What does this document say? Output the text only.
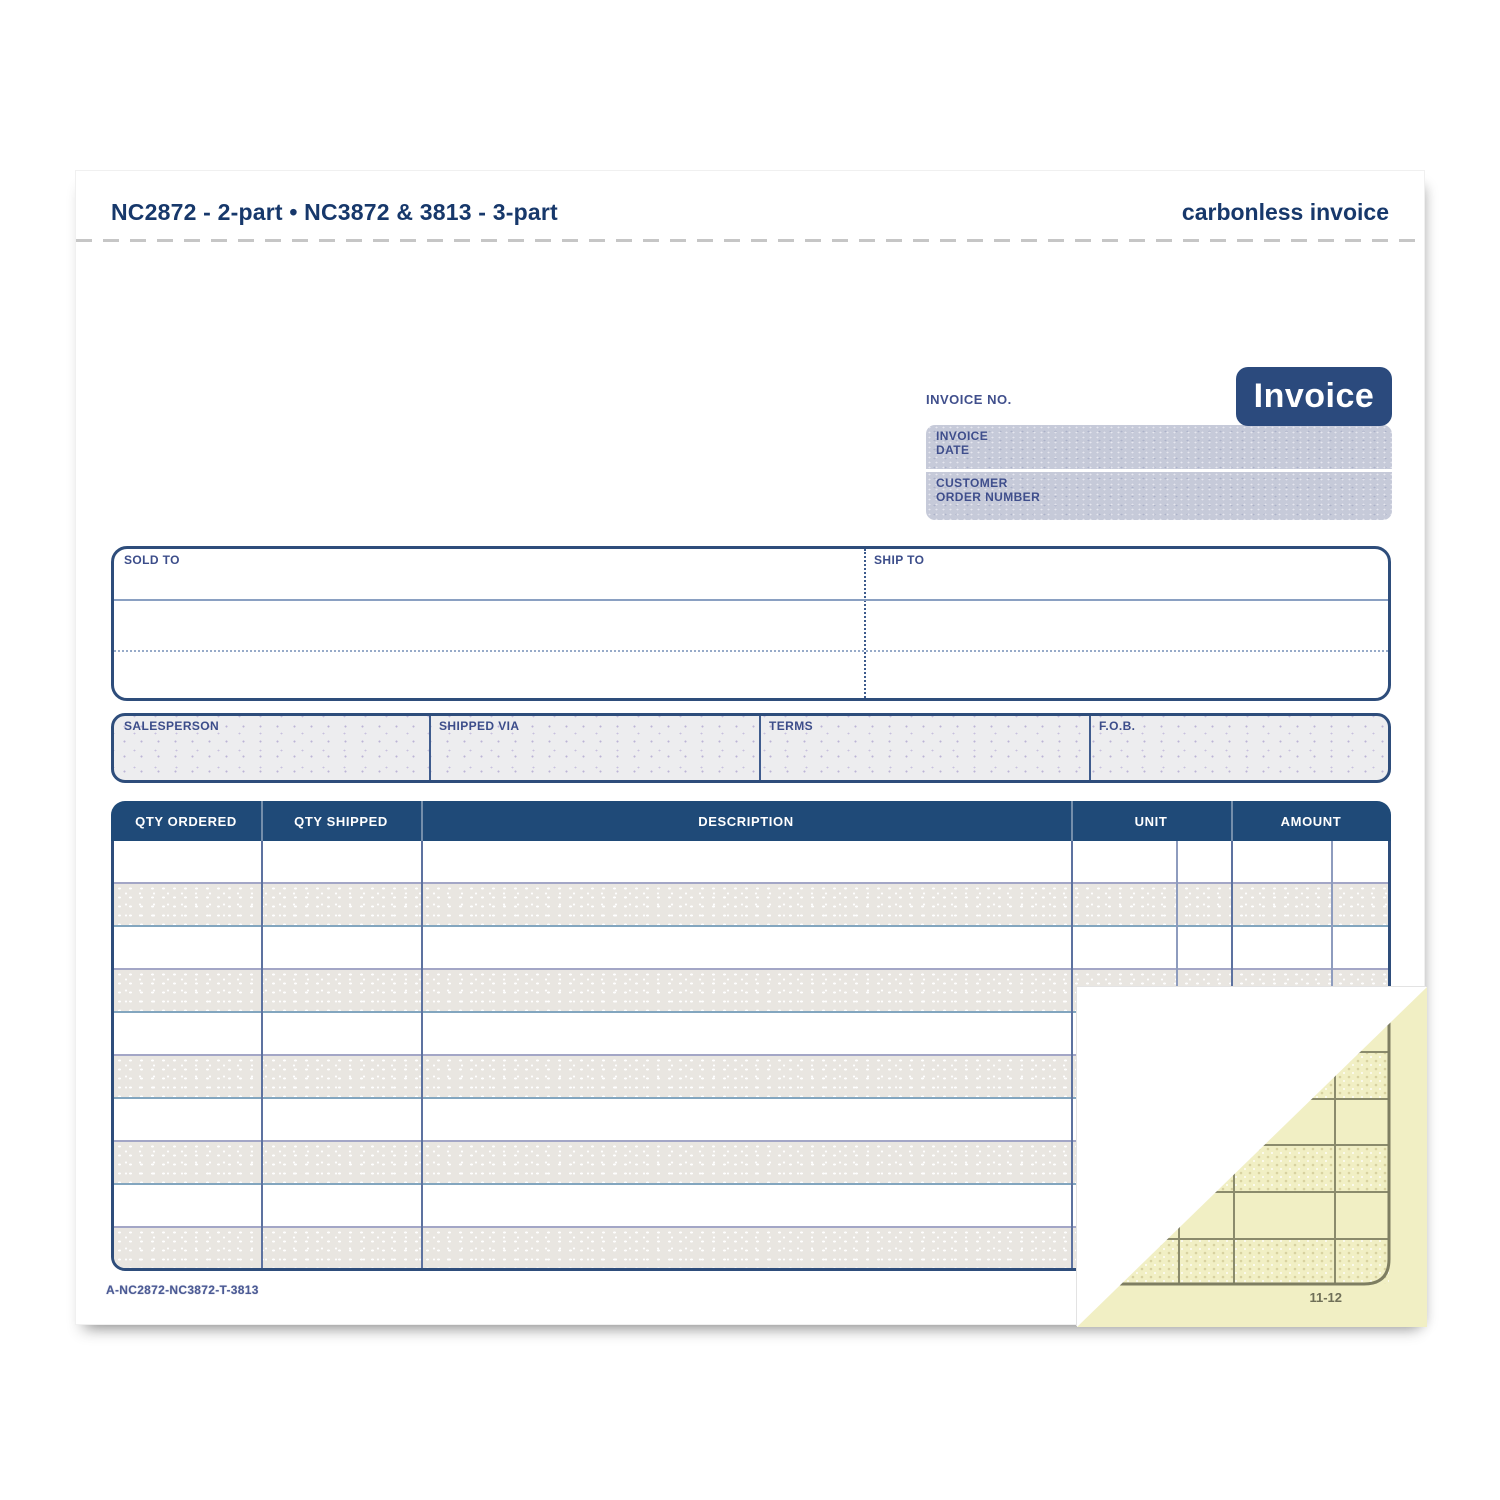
NC2872 - 2-part • NC3872 & 3813 - 3-part	carbonless invoice
INVOICE NO.	Invoice
INVOICE
DATE
CUSTOMER
ORDER NUMBER
SOLD TO	SHIP TO
SALESPERSON	SHIPPED VIA	TERMS	F.O.B.
QTY ORDERED	QTY SHIPPED	DESCRIPTION	UNIT	AMOUNT
A-NC2872-NC3872-T-3813	11-12
